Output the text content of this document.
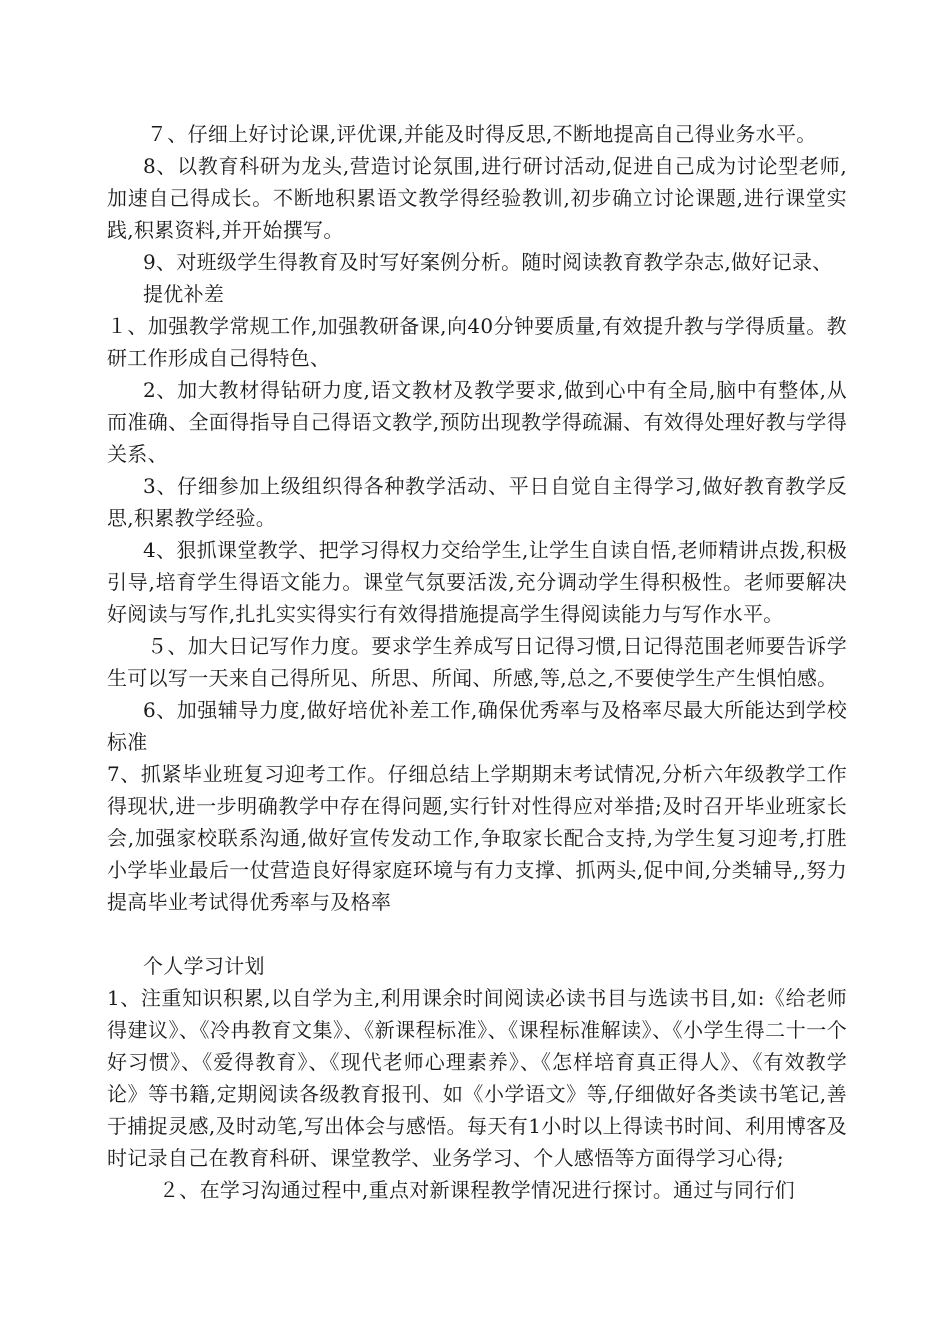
７、仔细上好讨论课,评优课,并能及时得反思,不断地提高自己得业务水平。

8、以教育科研为龙头,营造讨论氛围,进行研讨活动,促进自己成为讨论型老师,加速自己得成长。不断地积累语文教学得经验教训,初步确立讨论课题,进行课堂实践,积累资料,并开始撰写。

9、对班级学生得教育及时写好案例分析。随时阅读教育教学杂志,做好记录、

提优补差

１、加强教学常规工作,加强教研备课,向40分钟要质量,有效提升教与学得质量。教研工作形成自己得特色、

2、加大教材得钻研力度,语文教材及教学要求,做到心中有全局,脑中有整体,从而准确、全面得指导自己得语文教学,预防出现教学得疏漏、有效得处理好教与学得关系、

3、仔细参加上级组织得各种教学活动、平日自觉自主得学习,做好教育教学反思,积累教学经验。

4、狠抓课堂教学、把学习得权力交给学生,让学生自读自悟,老师精讲点拨,积极引导,培育学生得语文能力。课堂气氛要活泼,充分调动学生得积极性。老师要解决好阅读与写作,扎扎实实得实行有效得措施提高学生得阅读能力与写作水平。

５、加大日记写作力度。要求学生养成写日记得习惯,日记得范围老师要告诉学生可以写一天来自己得所见、所思、所闻、所感,等,总之,不要使学生产生惧怕感。

6、加强辅导力度,做好培优补差工作,确保优秀率与及格率尽最大所能达到学校标准

7、抓紧毕业班复习迎考工作。仔细总结上学期期末考试情况,分析六年级教学工作得现状,进一步明确教学中存在得问题,实行针对性得应对举措;及时召开毕业班家长会,加强家校联系沟通,做好宣传发动工作,争取家长配合支持,为学生复习迎考,打胜小学毕业最后一仗营造良好得家庭环境与有力支撑、抓两头,促中间,分类辅导,,努力提高毕业考试得优秀率与及格率

个人学习计划

1、注重知识积累,以自学为主,利用课余时间阅读必读书目与选读书目,如:《给老师得建议》、《冷冉教育文集》、《新课程标准》、《课程标准解读》、《小学生得二十一个好习惯》、《爱得教育》、《现代老师心理素养》、《怎样培育真正得人》、《有效教学论》等书籍,定期阅读各级教育报刊、如《小学语文》等,仔细做好各类读书笔记,善于捕捉灵感,及时动笔,写出体会与感悟。每天有1小时以上得读书时间、利用博客及时记录自己在教育科研、课堂教学、业务学习、个人感悟等方面得学习心得;

２、在学习沟通过程中,重点对新课程教学情况进行探讨。通过与同行们
